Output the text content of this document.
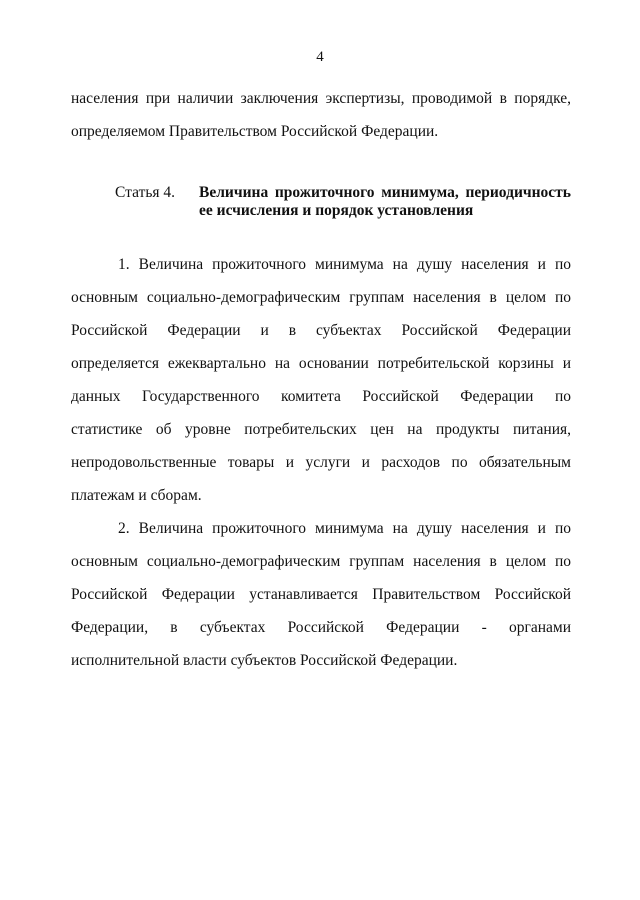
4
населения при наличии заключения экспертизы, проводимой в порядке,
определяемом Правительством Российской Федерации.
Статья 4. Величина прожиточного минимума, периодичность
ее исчисления и порядок установления
1. Величина прожиточного минимума на душу населения и по
основным социально-демографическим группам населения в целом по
Российской Федерации и в субъектах Российской Федерации
определяется ежеквартально на основании потребительской корзины и
данных Государственного комитета Российской Федерации по
статистике об уровне потребительских цен на продукты питания,
непродовольственные товары и услуги и расходов по обязательным
платежам и сборам.
2. Величина прожиточного минимума на душу населения и по
основным социально-демографическим группам населения в целом по
Российской Федерации устанавливается Правительством Российской
Федерации, в субъектах Российской Федерации - органами
исполнительной власти субъектов Российской Федерации.
